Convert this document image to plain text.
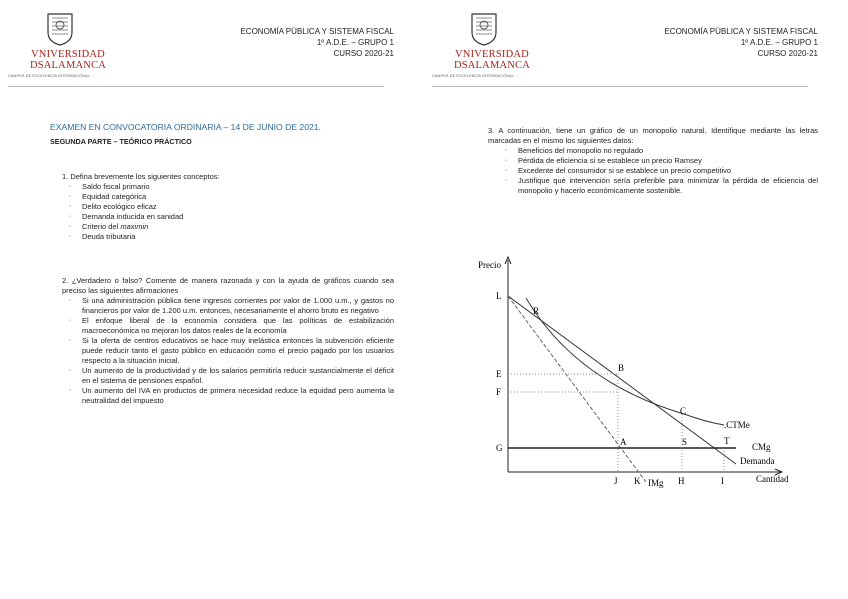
VNIVERSIDAD
DSALAMANCA
CAMPUS DE EXCELENCIA INTERNACIONAL
ECONOMÍA PÚBLICA Y SISTEMA FISCAL
1º A.D.E. – GRUPO 1
CURSO 2020-21
EXAMEN EN CONVOCATORIA ORDINARIA – 14 DE JUNIO DE 2021.
SEGUNDA PARTE – TEÓRICO PRÁCTICO
1. Defina brevemente los siguientes conceptos:
◦ Saldo fiscal primario
◦ Equidad categórica
◦ Delito ecológico eficaz
◦ Demanda inducida en sanidad
◦ Criterio del maximin
◦ Deuda tributaria
2. ¿Verdadero o falso? Comente de manera razonada y con la ayuda de gráficos cuando sea preciso las siguientes afirmaciones
◦ Si una administración pública tiene ingresos corrientes por valor de 1.000 u.m., y gastos no financieros por valor de 1.200 u.m. entonces, necesariamente el ahorro bruto es negativo
◦ El enfoque liberal de la economía considera que las políticas de estabilización macroeconómica no mejoran los datos reales de la economía
◦ Si la oferta de centros educativos se hace muy inelástica entonces la subvención eficiente puede reducir tanto el gasto público en educación como el precio pagado por los usuarios respecto a la situación inicial.
◦ Un aumento de la productividad y de los salarios permitiría reducir sustancialmente el déficit en el sistema de pensiones español.
◦ Un aumento del IVA en productos de primera necesidad reduce la equidad pero aumenta la neutralidad del impuesto
VNIVERSIDAD
DSALAMANCA
CAMPUS DE EXCELENCIA INTERNACIONAL
ECONOMÍA PÚBLICA Y SISTEMA FISCAL
1º A.D.E. – GRUPO 1
CURSO 2020-21
3. A continuación, tiene un gráfico de un monopolio natural. Identifique mediante las letras marcadas en el mismo los siguientes datos:
◦ Beneficios del monopolio no regulado
◦ Pérdida de eficiencia si se establece un precio Ramsey
◦ Excedente del consumidor si se establece un precio competitivo
◦ Justifique qué intervención sería preferible para minimizar la pérdida de eficiencia del monopolio y hacerlo económicamente sostenible.
Precio
Cantidad
L
E
F
G
J K	H	I
R
B
C
A	S	T
.CTMe
CMg
Demanda
IMg
